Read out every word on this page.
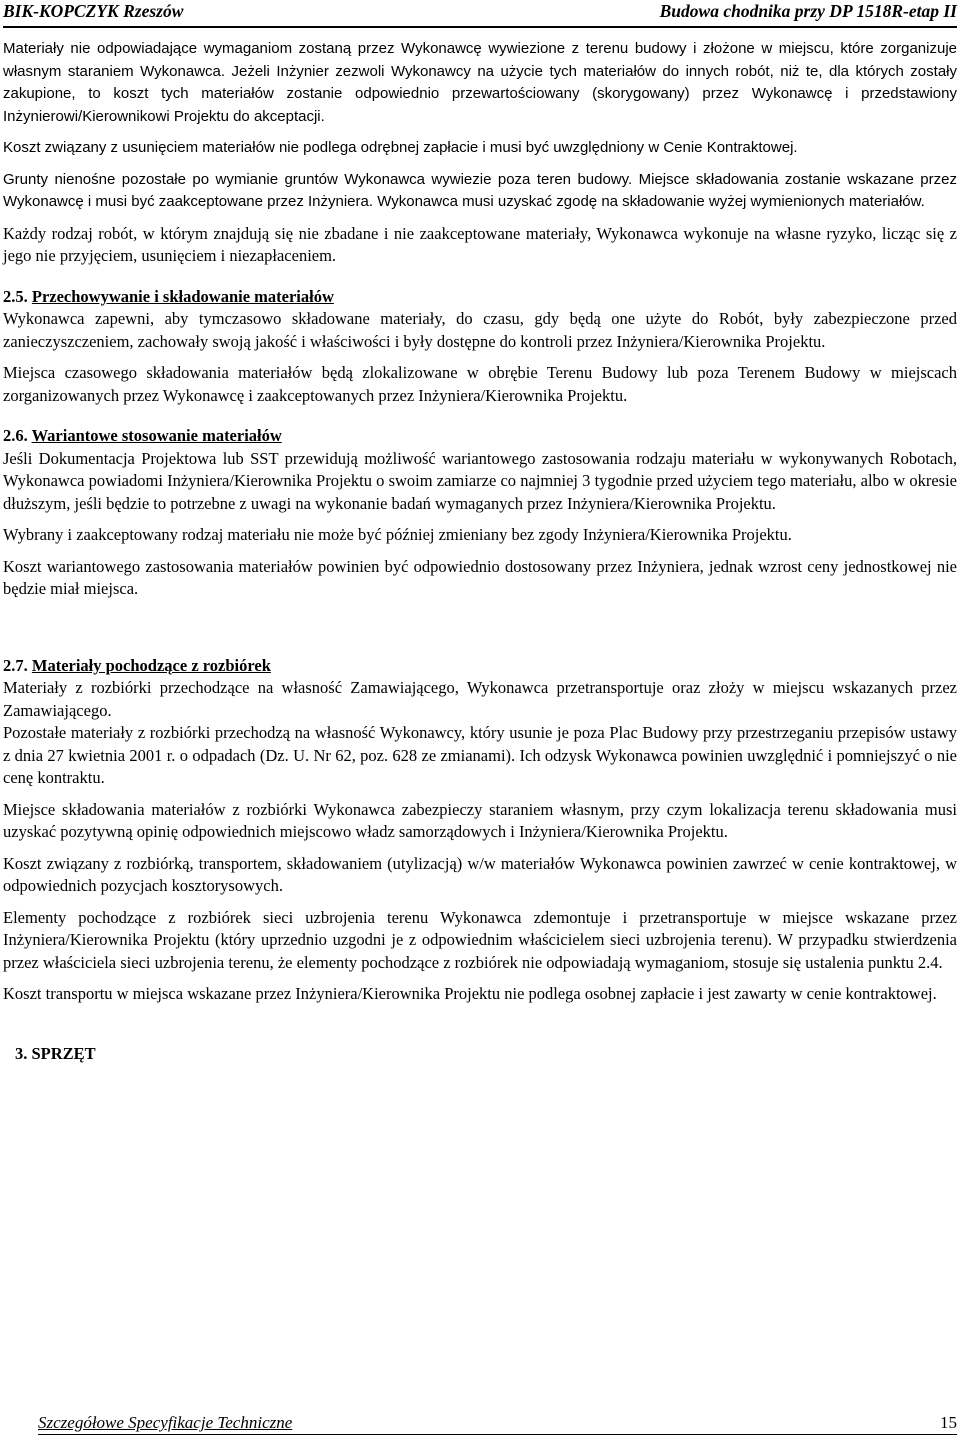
BIK-KOPCZYK Rzeszów	Budowa chodnika przy DP 1518R-etap II

Materiały nie odpowiadające wymaganiom zostaną przez Wykonawcę wywiezione z terenu budowy i złożone w miejscu, które zorganizuje własnym staraniem Wykonawca. Jeżeli Inżynier zezwoli Wykonawcy na użycie tych materiałów do innych robót, niż te, dla których zostały zakupione, to koszt tych materiałów zostanie odpowiednio przewartościowany (skorygowany) przez Wykonawcę i przedstawiony Inżynierowi/Kierownikowi Projektu do akceptacji.

Koszt związany z usunięciem materiałów nie podlega odrębnej zapłacie i musi być uwzględniony w Cenie Kontraktowej.

Grunty nienośne pozostałe po wymianie gruntów Wykonawca wywiezie poza teren budowy. Miejsce składowania zostanie wskazane przez Wykonawcę i musi być zaakceptowane przez Inżyniera. Wykonawca musi uzyskać zgodę na składowanie wyżej wymienionych materiałów.

Każdy rodzaj robót, w którym znajdują się nie zbadane i nie zaakceptowane materiały, Wykonawca wykonuje na własne ryzyko, licząc się z jego nie przyjęciem, usunięciem i niezapłaceniem.

2.5. Przechowywanie i składowanie materiałów

Wykonawca zapewni, aby tymczasowo składowane materiały, do czasu, gdy będą one użyte do Robót, były zabezpieczone przed zanieczyszczeniem, zachowały swoją jakość i właściwości i były dostępne do kontroli przez Inżyniera/Kierownika Projektu.

Miejsca czasowego składowania materiałów będą zlokalizowane w obrębie Terenu Budowy lub poza Terenem Budowy w miejscach zorganizowanych przez Wykonawcę i zaakceptowanych przez Inżyniera/Kierownika Projektu.

2.6. Wariantowe stosowanie materiałów

Jeśli Dokumentacja Projektowa lub SST przewidują możliwość wariantowego zastosowania rodzaju materiału w wykonywanych Robotach, Wykonawca powiadomi Inżyniera/Kierownika Projektu o swoim zamiarze co najmniej 3 tygodnie przed użyciem tego materiału, albo w okresie dłuższym, jeśli będzie to potrzebne z uwagi na wykonanie badań wymaganych przez Inżyniera/Kierownika Projektu.

Wybrany i zaakceptowany rodzaj materiału nie może być później zmieniany bez zgody Inżyniera/Kierownika Projektu.

Koszt wariantowego zastosowania materiałów powinien być odpowiednio dostosowany przez Inżyniera, jednak wzrost ceny jednostkowej nie będzie miał miejsca.

2.7. Materiały pochodzące z rozbiórek

Materiały z rozbiórki przechodzące na własność Zamawiającego, Wykonawca przetransportuje oraz złoży w miejscu wskazanych przez Zamawiającego.

Pozostałe materiały z rozbiórki przechodzą na własność Wykonawcy, który usunie je poza Plac Budowy przy przestrzeganiu przepisów ustawy z dnia 27 kwietnia 2001 r. o odpadach (Dz. U. Nr 62, poz. 628 ze zmianami). Ich odzysk Wykonawca powinien uwzględnić i pomniejszyć o nie cenę kontraktu.

Miejsce składowania materiałów z rozbiórki Wykonawca zabezpieczy staraniem własnym, przy czym lokalizacja terenu składowania musi uzyskać pozytywną opinię odpowiednich miejscowo władz samorządowych i Inżyniera/Kierownika Projektu.

Koszt związany z rozbiórką, transportem, składowaniem (utylizacją) w/w materiałów Wykonawca powinien zawrzeć w cenie kontraktowej, w odpowiednich pozycjach kosztorysowych.

Elementy pochodzące z rozbiórek sieci uzbrojenia terenu Wykonawca zdemontuje i przetransportuje w miejsce wskazane przez Inżyniera/Kierownika Projektu (który uprzednio uzgodni je z odpowiednim właścicielem sieci uzbrojenia terenu). W przypadku stwierdzenia przez właściciela sieci uzbrojenia terenu, że elementy pochodzące z rozbiórek nie odpowiadają wymaganiom, stosuje się ustalenia punktu 2.4.

Koszt transportu w miejsca wskazane przez Inżyniera/Kierownika Projektu nie podlega osobnej zapłacie i jest zawarty w cenie kontraktowej.

3. SPRZĘT
Szczegółowe Specyfikacje Techniczne	15
